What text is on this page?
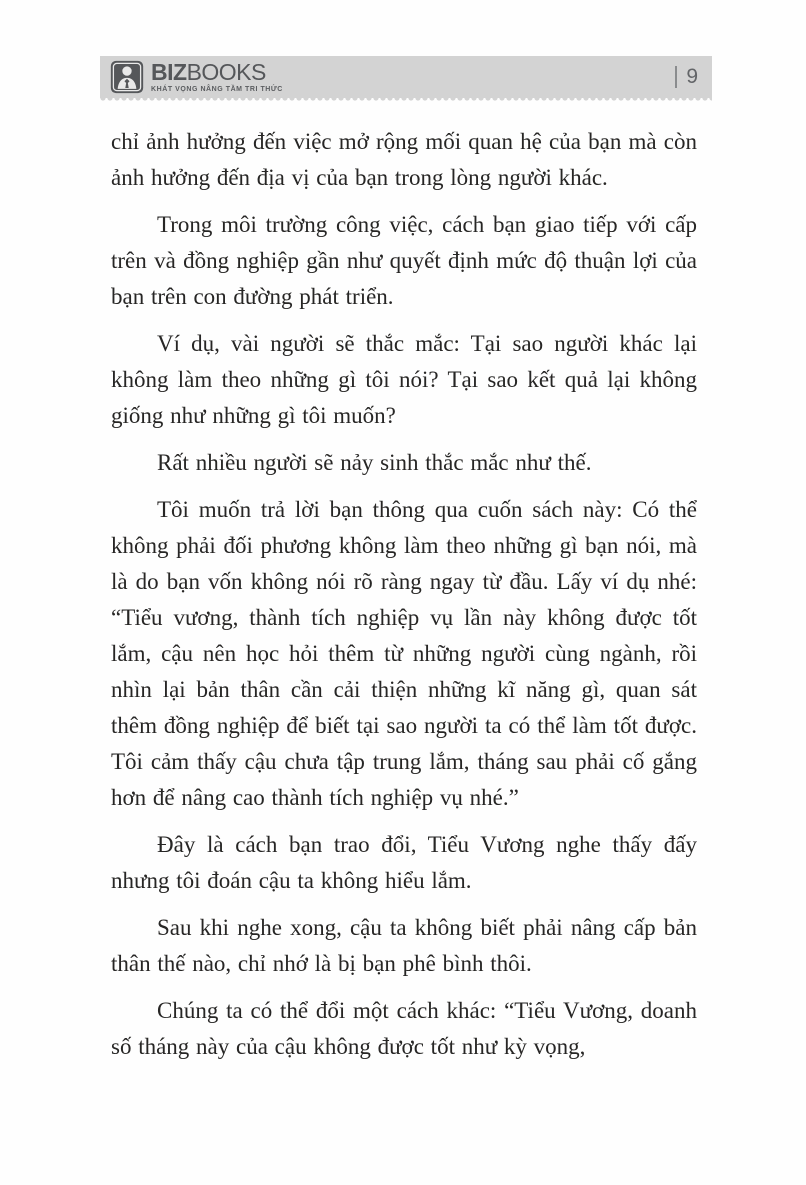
BIZBOOKS
KHÁT VỌNG NÂNG TẦM TRI THỨC
9

chỉ ảnh hưởng đến việc mở rộng mối quan hệ của bạn mà còn ảnh hưởng đến địa vị của bạn trong lòng người khác.

Trong môi trường công việc, cách bạn giao tiếp với cấp trên và đồng nghiệp gần như quyết định mức độ thuận lợi của bạn trên con đường phát triển.

Ví dụ, vài người sẽ thắc mắc: Tại sao người khác lại không làm theo những gì tôi nói? Tại sao kết quả lại không giống như những gì tôi muốn?

Rất nhiều người sẽ nảy sinh thắc mắc như thế.

Tôi muốn trả lời bạn thông qua cuốn sách này: Có thể không phải đối phương không làm theo những gì bạn nói, mà là do bạn vốn không nói rõ ràng ngay từ đầu. Lấy ví dụ nhé: “Tiểu vương, thành tích nghiệp vụ lần này không được tốt lắm, cậu nên học hỏi thêm từ những người cùng ngành, rồi nhìn lại bản thân cần cải thiện những kĩ năng gì, quan sát thêm đồng nghiệp để biết tại sao người ta có thể làm tốt được. Tôi cảm thấy cậu chưa tập trung lắm, tháng sau phải cố gắng hơn để nâng cao thành tích nghiệp vụ nhé.”

Đây là cách bạn trao đổi, Tiểu Vương nghe thấy đấy nhưng tôi đoán cậu ta không hiểu lắm.

Sau khi nghe xong, cậu ta không biết phải nâng cấp bản thân thế nào, chỉ nhớ là bị bạn phê bình thôi.

Chúng ta có thể đổi một cách khác: “Tiểu Vương, doanh số tháng này của cậu không được tốt như kỳ vọng,
